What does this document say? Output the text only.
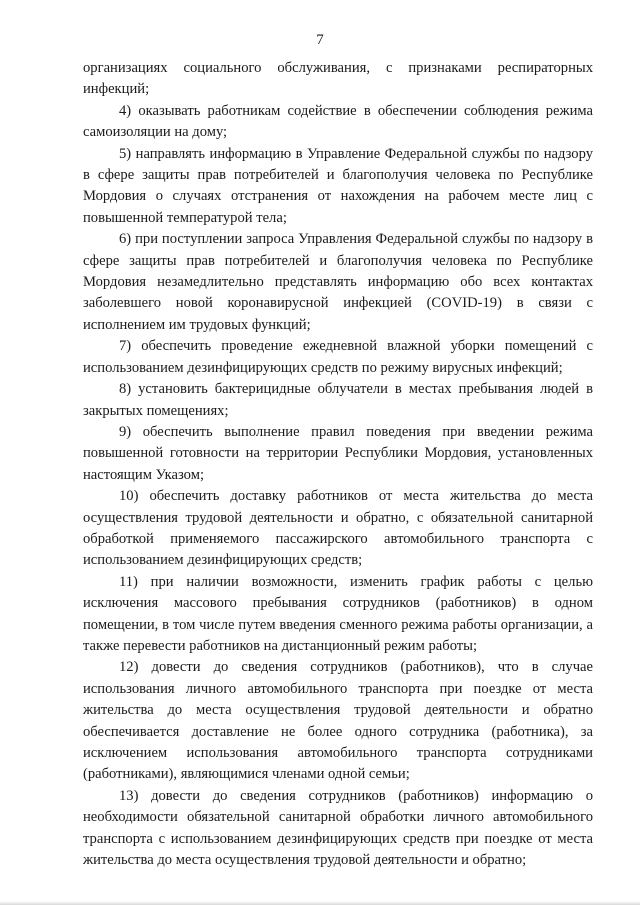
7

организациях социального обслуживания, с признаками респираторных инфекций;

4) оказывать работникам содействие в обеспечении соблюдения режима самоизоляции на дому;

5) направлять информацию в Управление Федеральной службы по надзору в сфере защиты прав потребителей и благополучия человека по Республике Мордовия о случаях отстранения от нахождения на рабочем месте лиц с повышенной температурой тела;

6) при поступлении запроса Управления Федеральной службы по надзору в сфере защиты прав потребителей и благополучия человека по Республике Мордовия незамедлительно представлять информацию обо всех контактах заболевшего новой коронавирусной инфекцией (COVID-19) в связи с исполнением им трудовых функций;

7) обеспечить проведение ежедневной влажной уборки помещений с использованием дезинфицирующих средств по режиму вирусных инфекций;

8) установить бактерицидные облучатели в местах пребывания людей в закрытых помещениях;

9) обеспечить выполнение правил поведения при введении режима повышенной готовности на территории Республики Мордовия, установленных настоящим Указом;

10) обеспечить доставку работников от места жительства до места осуществления трудовой деятельности и обратно, с обязательной санитарной обработкой применяемого пассажирского автомобильного транспорта с использованием дезинфицирующих средств;

11) при наличии возможности, изменить график работы с целью исключения массового пребывания сотрудников (работников) в одном помещении, в том числе путем введения сменного режима работы организации, а также перевести работников на дистанционный режим работы;

12) довести до сведения сотрудников (работников), что в случае использования личного автомобильного транспорта при поездке от места жительства до места осуществления трудовой деятельности и обратно обеспечивается доставление не более одного сотрудника (работника), за исключением использования автомобильного транспорта сотрудниками (работниками), являющимися членами одной семьи;

13) довести до сведения сотрудников (работников) информацию о необходимости обязательной санитарной обработки личного автомобильного транспорта с использованием дезинфицирующих средств при поездке от места жительства до места осуществления трудовой деятельности и обратно;
